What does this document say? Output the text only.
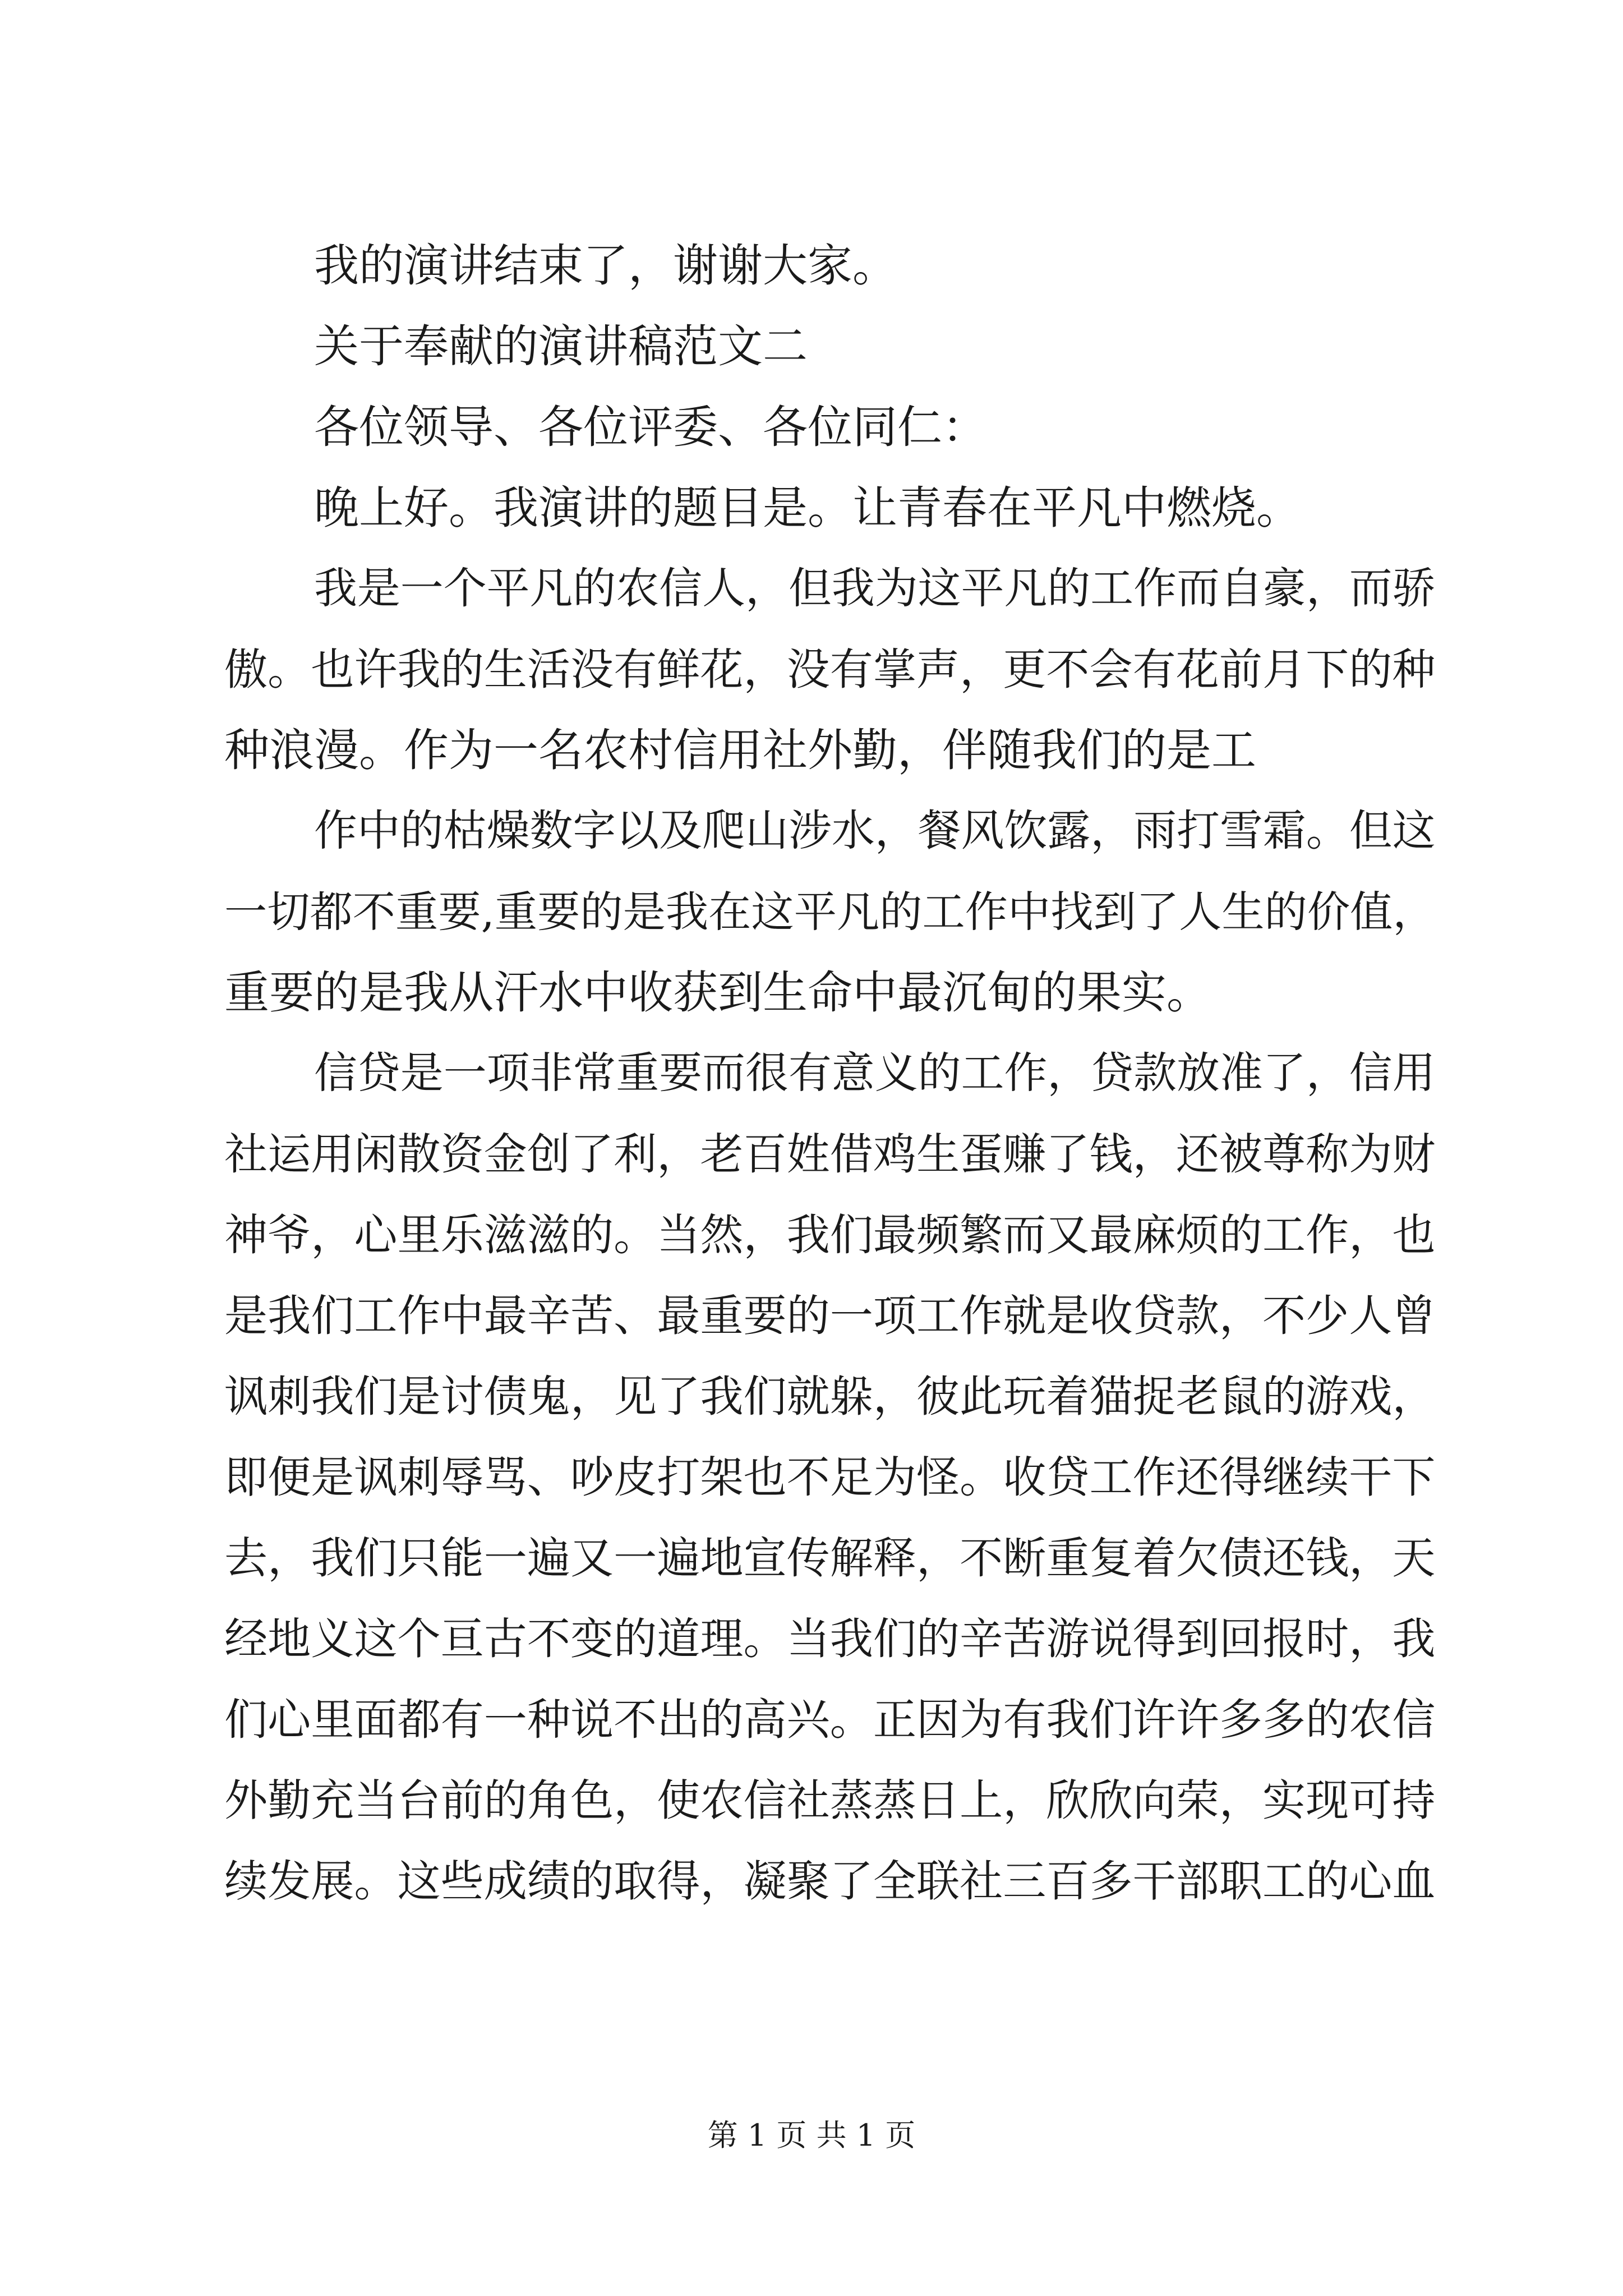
我的演讲结束了，谢谢大家。

关于奉献的演讲稿范文二

各位领导、各位评委、各位同仁：

晚上好。我演讲的题目是。让青春在平凡中燃烧。

我是一个平凡的农信人，但我为这平凡的工作而自豪，而骄

傲。也许我的生活没有鲜花，没有掌声，更不会有花前月下的种

种浪漫。作为一名农村信用社外勤，伴随我们的是工

作中的枯燥数字以及爬山涉水，餐风饮露，雨打雪霜。但这

一切都不重要,重要的是我在这平凡的工作中找到了人生的价值，

重要的是我从汗水中收获到生命中最沉甸的果实。

信贷是一项非常重要而很有意义的工作，贷款放准了，信用

社运用闲散资金创了利，老百姓借鸡生蛋赚了钱，还被尊称为财

神爷，心里乐滋滋的。当然，我们最频繁而又最麻烦的工作，也

是我们工作中最辛苦、最重要的一项工作就是收贷款，不少人曾

讽刺我们是讨债鬼，见了我们就躲，彼此玩着猫捉老鼠的游戏，

即便是讽刺辱骂、吵皮打架也不足为怪。收贷工作还得继续干下

去，我们只能一遍又一遍地宣传解释，不断重复着欠债还钱，天

经地义这个亘古不变的道理。当我们的辛苦游说得到回报时，我

们心里面都有一种说不出的高兴。正因为有我们许许多多的农信

外勤充当台前的角色，使农信社蒸蒸日上，欣欣向荣，实现可持

续发展。这些成绩的取得，凝聚了全联社三百多干部职工的心血

第 1 页 共 1 页
